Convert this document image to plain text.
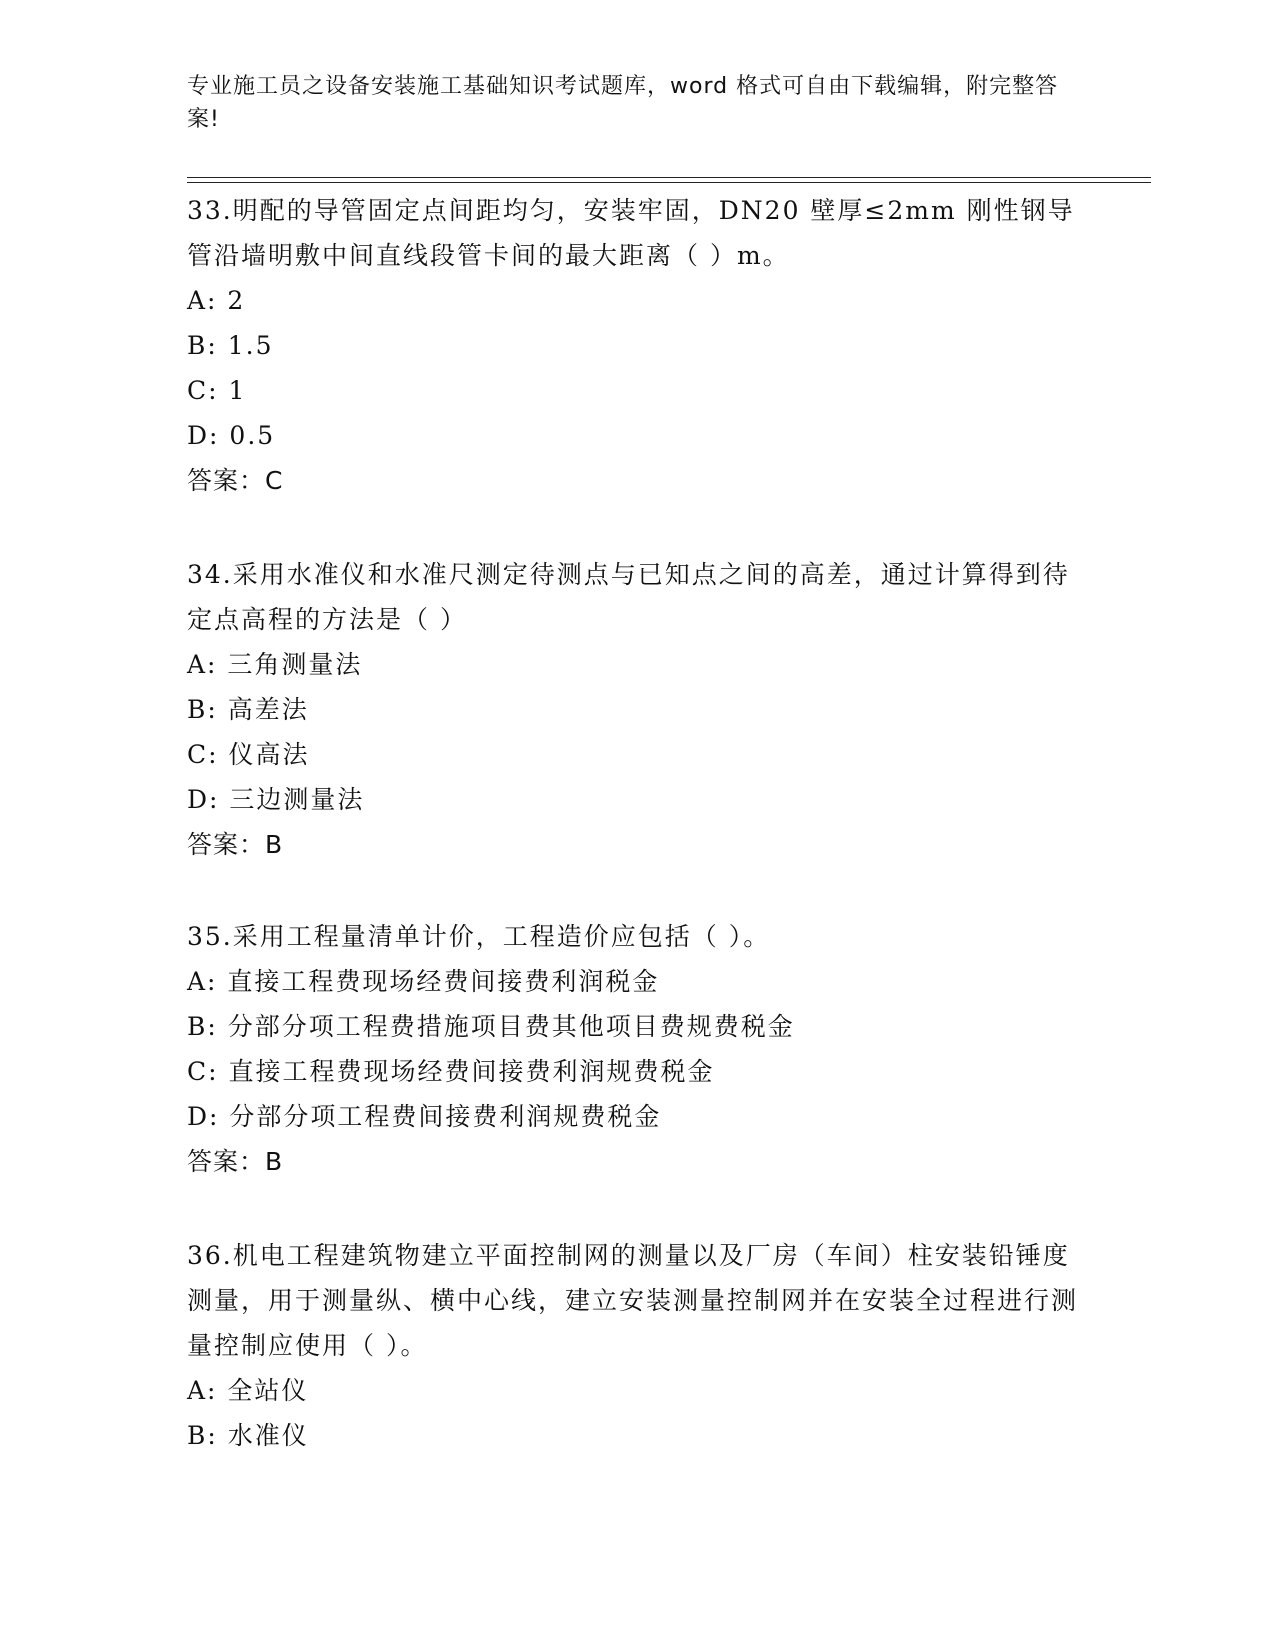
专业施工员之设备安装施工基础知识考试题库，word 格式可自由下载编辑，附完整答案!

33.明配的导管固定点间距均匀，安装牢固，DN20 壁厚≤2mm 刚性钢导管沿墙明敷中间直线段管卡间的最大距离（ ）m。

A: 2

B: 1.5

C: 1

D: 0.5

答案：C

34.采用水准仪和水准尺测定待测点与已知点之间的高差，通过计算得到待定点高程的方法是（ ）

A: 三角测量法

B: 高差法

C: 仪高法

D: 三边测量法

答案：B

35.采用工程量清单计价，工程造价应包括（ ）。

A: 直接工程费现场经费间接费利润税金

B: 分部分项工程费措施项目费其他项目费规费税金

C: 直接工程费现场经费间接费利润规费税金

D: 分部分项工程费间接费利润规费税金

答案：B

36.机电工程建筑物建立平面控制网的测量以及厂房（车间）柱安装铅锤度测量，用于测量纵、横中心线，建立安装测量控制网并在安装全过程进行测量控制应使用（ ）。

A: 全站仪

B: 水准仪
